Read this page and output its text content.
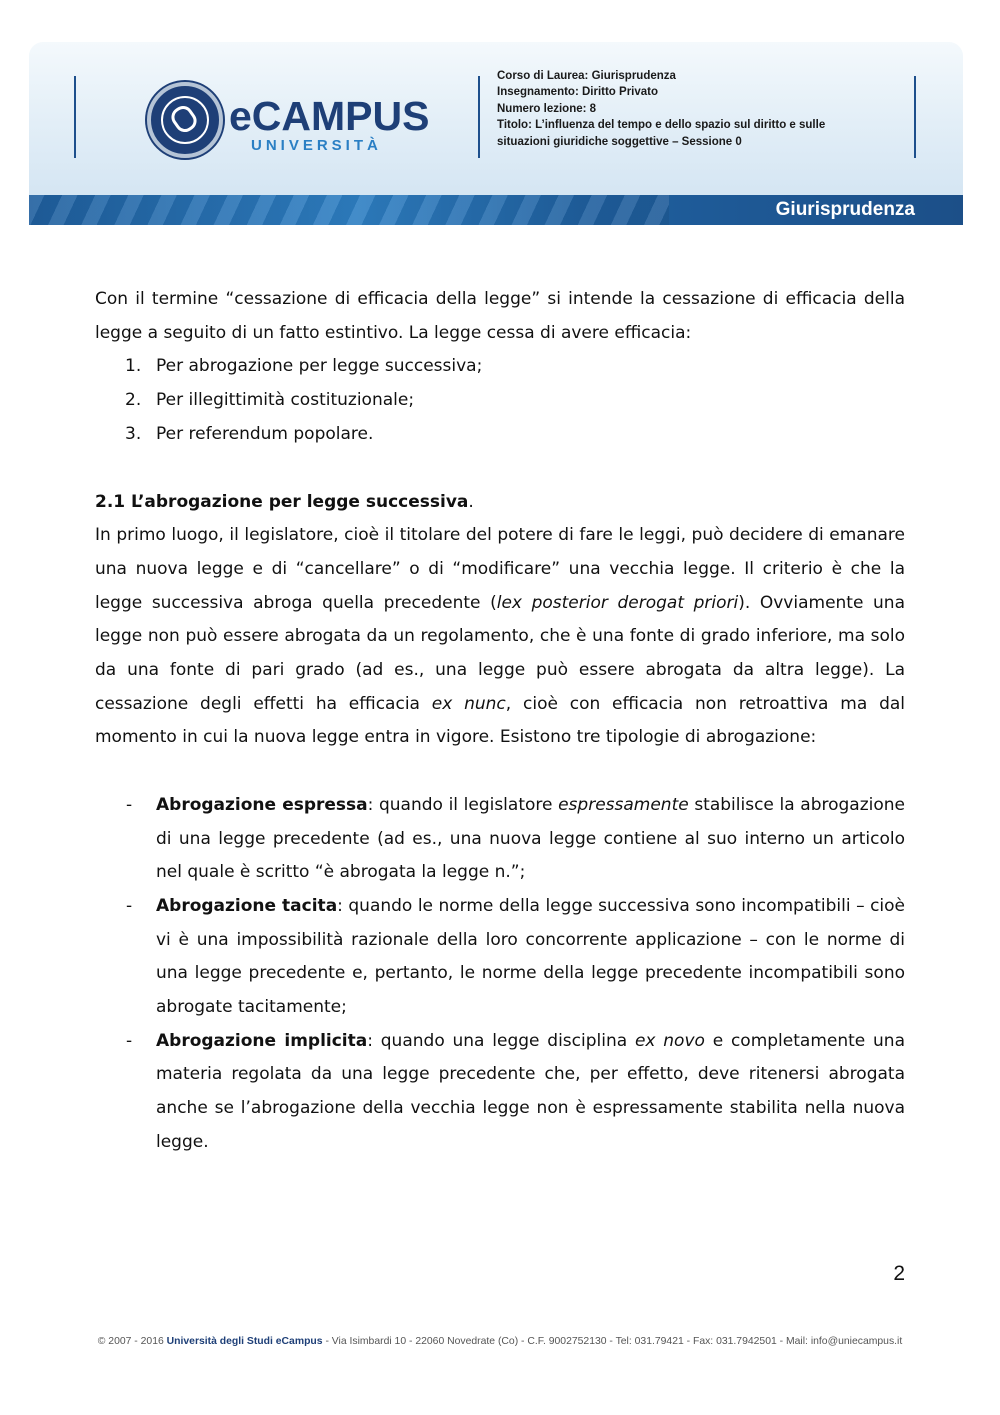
eCAMPUS
UNIVERSITÀ
Corso di Laurea: Giurisprudenza
Insegnamento: Diritto Privato
Numero lezione: 8
Titolo: L’influenza del tempo e dello spazio sul diritto e sulle
situazioni giuridiche soggettive – Sessione 0
Giurisprudenza

Con il termine “cessazione di efficacia della legge” si intende la cessazione di efficacia della legge a seguito di un fatto estintivo. La legge cessa di avere efficacia:

1. Per abrogazione per legge successiva;
2. Per illegittimità costituzionale;
3. Per referendum popolare.

2.1 L’abrogazione per legge successiva.

In primo luogo, il legislatore, cioè il titolare del potere di fare le leggi, può decidere di emanare una nuova legge e di “cancellare” o di “modificare” una vecchia legge. Il criterio è che la legge successiva abroga quella precedente (lex posterior derogat priori). Ovviamente una legge non può essere abrogata da un regolamento, che è una fonte di grado inferiore, ma solo da una fonte di pari grado (ad es., una legge può essere abrogata da altra legge). La cessazione degli effetti ha efficacia ex nunc, cioè con efficacia non retroattiva ma dal momento in cui la nuova legge entra in vigore. Esistono tre tipologie di abrogazione:

- Abrogazione espressa: quando il legislatore espressamente stabilisce la abrogazione di una legge precedente (ad es., una nuova legge contiene al suo interno un articolo nel quale è scritto “è abrogata la legge n.”;
- Abrogazione tacita: quando le norme della legge successiva sono incompatibili – cioè vi è una impossibilità razionale della loro concorrente applicazione – con le norme di una legge precedente e, pertanto, le norme della legge precedente incompatibili sono abrogate tacitamente;
- Abrogazione implicita: quando una legge disciplina ex novo e completamente una materia regolata da una legge precedente che, per effetto, deve ritenersi abrogata anche se l’abrogazione della vecchia legge non è espressamente stabilita nella nuova legge.
2
© 2007 - 2016 Università degli Studi eCampus - Via Isimbardi 10 - 22060 Novedrate (Co) - C.F. 9002752130 - Tel: 031.79421 - Fax: 031.7942501 - Mail: info@uniecampus.it
